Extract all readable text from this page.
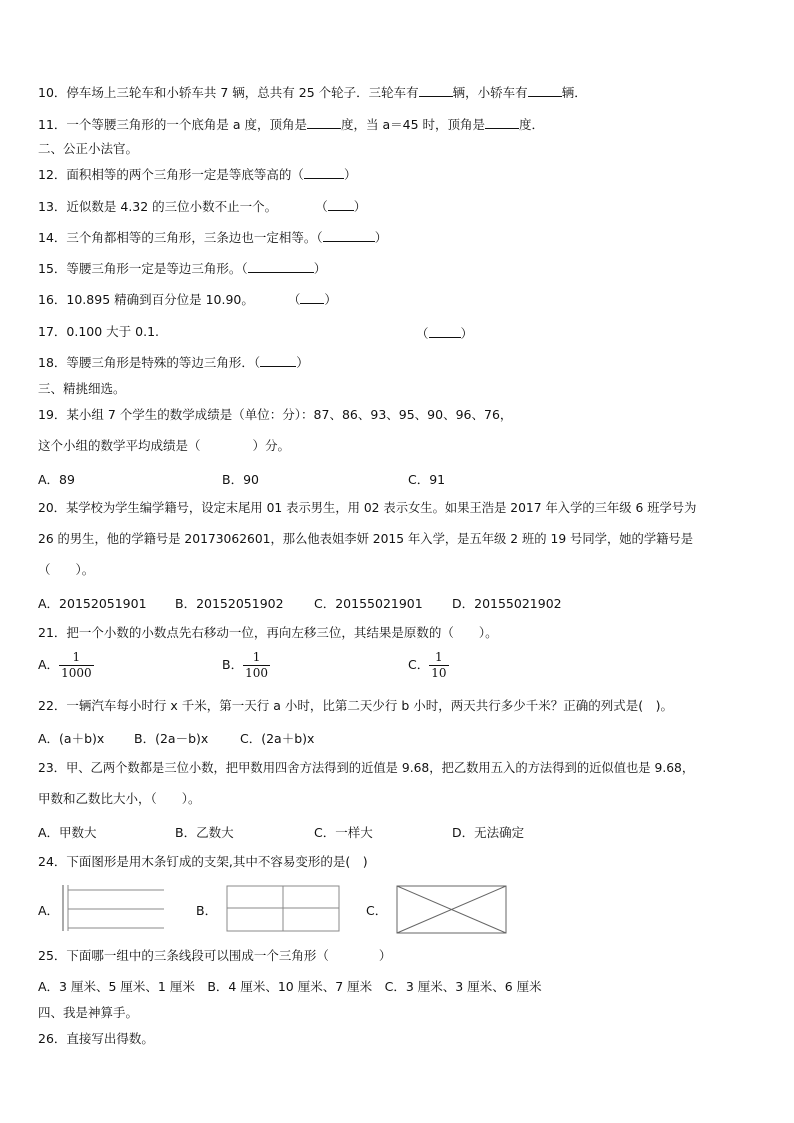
10．停车场上三轮车和小轿车共 7 辆，总共有 25 个轮子．三轮车有	辆，小轿车有	辆．
11．一个等腰三角形的一个底角是 a 度，顶角是	度，当 a＝45 时，顶角是	度．
二、公正小法官。
12．面积相等的两个三角形一定是等底等高的（	）
13．近似数是 4.32 的三位小数不止一个。	（ ）
14．三个角都相等的三角形，三条边也一定相等。（	）
15．等腰三角形一定是等边三角形。（	）
16．10.895 精确到百分位是 10.90。	（ ）
17．0.100 大于 0.1.	（	）
18．等腰三角形是特殊的等边三角形．（	）
三、精挑细选。
19．某小组 7 个学生的数学成绩是（单位：分）：87、86、93、95、90、96、76，
这个小组的数学平均成绩是（	）分。
A．89	B．90	C．91
20．某学校为学生编学籍号，设定末尾用 01 表示男生，用 02 表示女生。如果王浩是 2017 年入学的三年级 6 班学号为
26 的男生，他的学籍号是 20173062601，那么他表姐李妍 2015 年入学，是五年级 2 班的 19 号同学，她的学籍号是
（　　）。
A．20152051901 B．20152051902 C．20155021901 D．20155021902
21．把一个小数的小数点先右移动一位，再向左移三位，其结果是原数的（　　）。
A． $\frac{1}{1000}$	B． $\frac{1}{100}$	C． $\frac{1}{10}$
22．一辆汽车每小时行 x 千米，第一天行 a 小时，比第二天少行 b 小时，两天共行多少千米？正确的列式是(　)。
A．(a＋b)x B．(2a－b)x	C．(2a＋b)x
23．甲、乙两个数都是三位小数，把甲数用四舍方法得到的近值是 9.68，把乙数用五入的方法得到的近似值也是 9.68，
甲数和乙数比大小，（　　）。
A．甲数大	B．乙数大	C．一样大	D．无法确定
24．下面图形是用木条钉成的支架,其中不容易变形的是(　)
A．	B．	C．
25．下面哪一组中的三条线段可以围成一个三角形（　　　　）
A．3 厘米、5 厘米、1 厘米　B．4 厘米、10 厘米、7 厘米　C．3 厘米、3 厘米、6 厘米
四、我是神算手。
26．直接写出得数。
